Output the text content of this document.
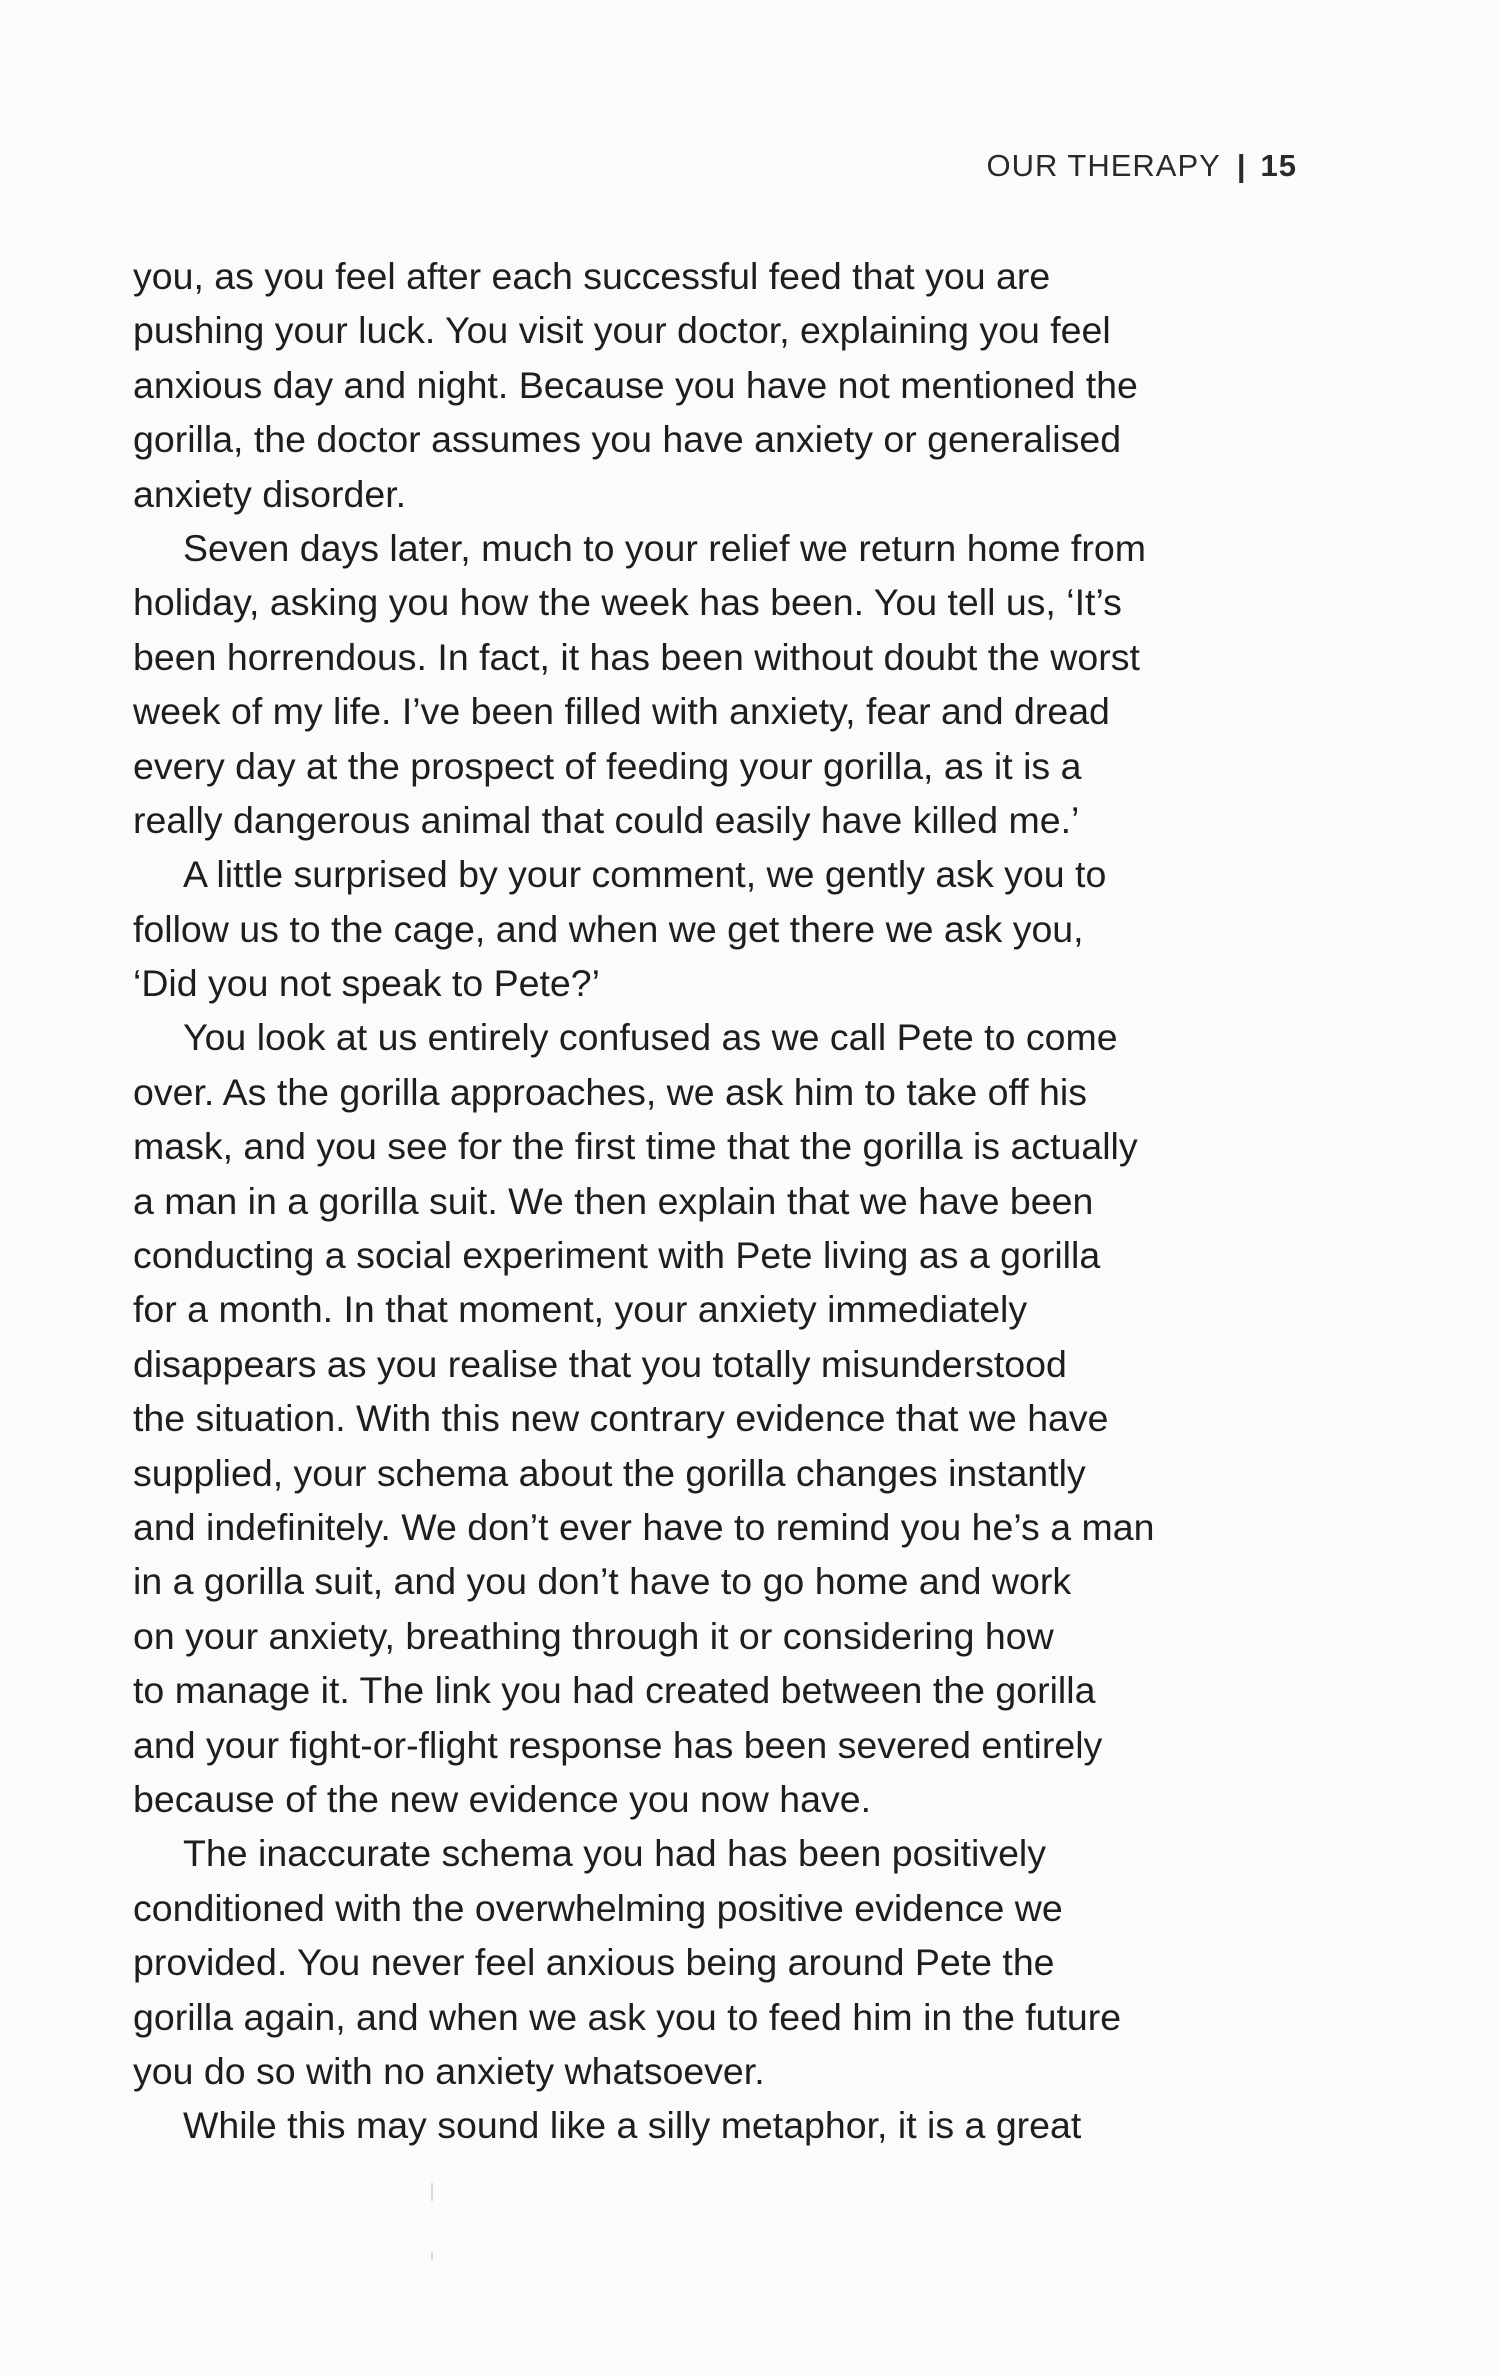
OUR THERAPY | 15
you, as you feel after each successful feed that you are
pushing your luck. You visit your doctor, explaining you feel
anxious day and night. Because you have not mentioned the
gorilla, the doctor assumes you have anxiety or generalised
anxiety disorder.
Seven days later, much to your relief we return home from
holiday, asking you how the week has been. You tell us, ‘It’s
been horrendous. In fact, it has been without doubt the worst
week of my life. I’ve been filled with anxiety, fear and dread
every day at the prospect of feeding your gorilla, as it is a
really dangerous animal that could easily have killed me.’
A little surprised by your comment, we gently ask you to
follow us to the cage, and when we get there we ask you,
‘Did you not speak to Pete?’
You look at us entirely confused as we call Pete to come
over. As the gorilla approaches, we ask him to take off his
mask, and you see for the first time that the gorilla is actually
a man in a gorilla suit. We then explain that we have been
conducting a social experiment with Pete living as a gorilla
for a month. In that moment, your anxiety immediately
disappears as you realise that you totally misunderstood
the situation. With this new contrary evidence that we have
supplied, your schema about the gorilla changes instantly
and indefinitely. We don’t ever have to remind you he’s a man
in a gorilla suit, and you don’t have to go home and work
on your anxiety, breathing through it or considering how
to manage it. The link you had created between the gorilla
and your fight-or-flight response has been severed entirely
because of the new evidence you now have.
The inaccurate schema you had has been positively
conditioned with the overwhelming positive evidence we
provided. You never feel anxious being around Pete the
gorilla again, and when we ask you to feed him in the future
you do so with no anxiety whatsoever.
While this may sound like a silly metaphor, it is a great
